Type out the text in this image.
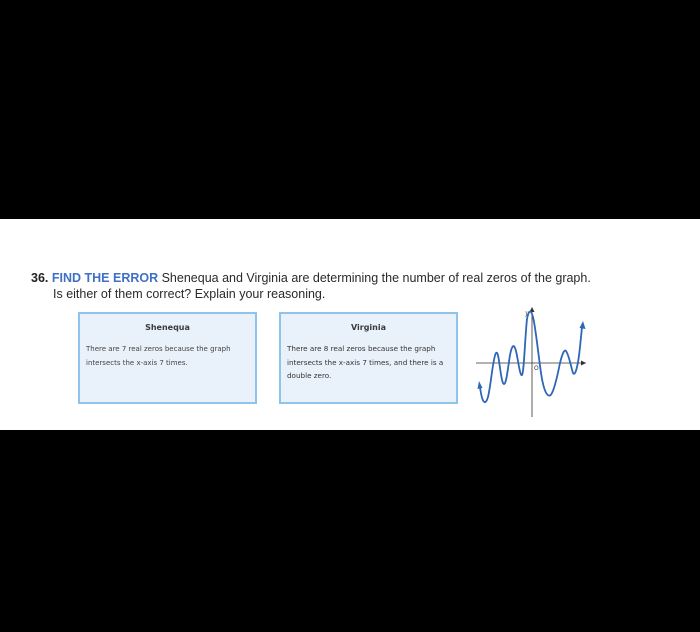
36. FIND THE ERROR Shenequa and Virginia are determining the number of real zeros of the graph.
Is either of them correct? Explain your reasoning.
Shenequa
There are 7 real zeros because the graph intersects the x-axis 7 times.
Virginia
There are 8 real zeros because the graph intersects the x-axis 7 times, and there is a double zero.
y
O
